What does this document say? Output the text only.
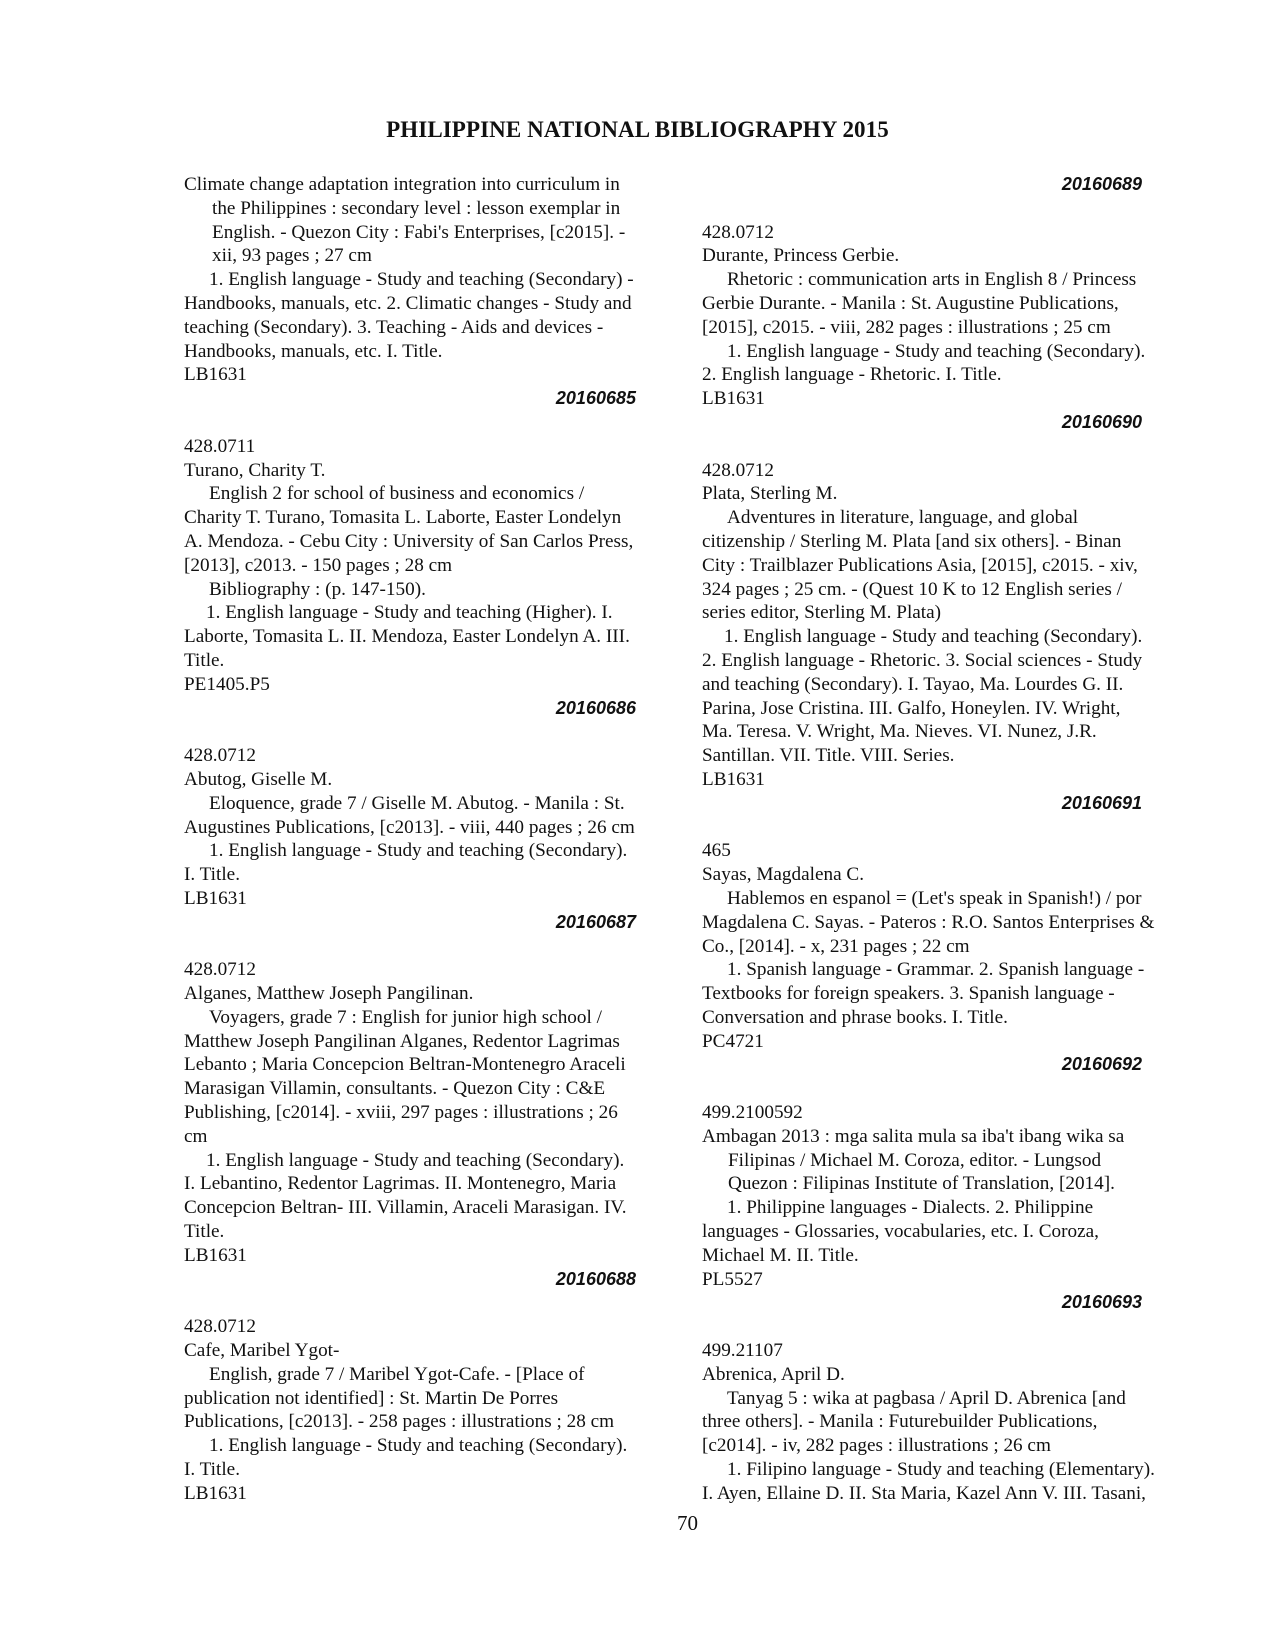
PHILIPPINE NATIONAL BIBLIOGRAPHY 2015
Climate change adaptation integration into curriculum in
the Philippines : secondary level : lesson exemplar in
English. - Quezon City : Fabi's Enterprises, [c2015]. -
xii, 93 pages ; 27 cm
1. English language - Study and teaching (Secondary) -
Handbooks, manuals, etc. 2. Climatic changes - Study and
teaching (Secondary). 3. Teaching - Aids and devices -
Handbooks, manuals, etc. I. Title.
LB1631
20160685
428.0711
Turano, Charity T.
English 2 for school of business and economics /
Charity T. Turano, Tomasita L. Laborte, Easter Londelyn
A. Mendoza. - Cebu City : University of San Carlos Press,
[2013], c2013. - 150 pages ; 28 cm
Bibliography : (p. 147-150).
1. English language - Study and teaching (Higher). I.
Laborte, Tomasita L. II. Mendoza, Easter Londelyn A. III.
Title.
PE1405.P5
20160686
428.0712
Abutog, Giselle M.
Eloquence, grade 7 / Giselle M. Abutog. - Manila : St.
Augustines Publications, [c2013]. - viii, 440 pages ; 26 cm
1. English language - Study and teaching (Secondary).
I. Title.
LB1631
20160687
428.0712
Alganes, Matthew Joseph Pangilinan.
Voyagers, grade 7 : English for junior high school /
Matthew Joseph Pangilinan Alganes, Redentor Lagrimas
Lebanto ; Maria Concepcion Beltran-Montenegro Araceli
Marasigan Villamin, consultants. - Quezon City : C&E
Publishing, [c2014]. - xviii, 297 pages : illustrations ; 26
cm
1. English language - Study and teaching (Secondary).
I. Lebantino, Redentor Lagrimas. II. Montenegro, Maria
Concepcion Beltran- III. Villamin, Araceli Marasigan. IV.
Title.
LB1631
20160688
428.0712
Cafe, Maribel Ygot-
English, grade 7 / Maribel Ygot-Cafe. - [Place of
publication not identified] : St. Martin De Porres
Publications, [c2013]. - 258 pages : illustrations ; 28 cm
1. English language - Study and teaching (Secondary).
I. Title.
LB1631
20160689
428.0712
Durante, Princess Gerbie.
Rhetoric : communication arts in English 8 / Princess
Gerbie Durante. - Manila : St. Augustine Publications,
[2015], c2015. - viii, 282 pages : illustrations ; 25 cm
1. English language - Study and teaching (Secondary).
2. English language - Rhetoric. I. Title.
LB1631
20160690
428.0712
Plata, Sterling M.
Adventures in literature, language, and global
citizenship / Sterling M. Plata [and six others]. - Binan
City : Trailblazer Publications Asia, [2015], c2015. - xiv,
324 pages ; 25 cm. - (Quest 10 K to 12 English series /
series editor, Sterling M. Plata)
1. English language - Study and teaching (Secondary).
2. English language - Rhetoric. 3. Social sciences - Study
and teaching (Secondary). I. Tayao, Ma. Lourdes G. II.
Parina, Jose Cristina. III. Galfo, Honeylen. IV. Wright,
Ma. Teresa. V. Wright, Ma. Nieves. VI. Nunez, J.R.
Santillan. VII. Title. VIII. Series.
LB1631
20160691
465
Sayas, Magdalena C.
Hablemos en espanol = (Let's speak in Spanish!) / por
Magdalena C. Sayas. - Pateros : R.O. Santos Enterprises &
Co., [2014]. - x, 231 pages ; 22 cm
1. Spanish language - Grammar. 2. Spanish language -
Textbooks for foreign speakers. 3. Spanish language -
Conversation and phrase books. I. Title.
PC4721
20160692
499.2100592
Ambagan 2013 : mga salita mula sa iba't ibang wika sa
Filipinas / Michael M. Coroza, editor. - Lungsod
Quezon : Filipinas Institute of Translation, [2014].
1. Philippine languages - Dialects. 2. Philippine
languages - Glossaries, vocabularies, etc. I. Coroza,
Michael M. II. Title.
PL5527
20160693
499.21107
Abrenica, April D.
Tanyag 5 : wika at pagbasa / April D. Abrenica [and
three others]. - Manila : Futurebuilder Publications,
[c2014]. - iv, 282 pages : illustrations ; 26 cm
1. Filipino language - Study and teaching (Elementary).
I. Ayen, Ellaine D. II. Sta Maria, Kazel Ann V. III. Tasani,
70
